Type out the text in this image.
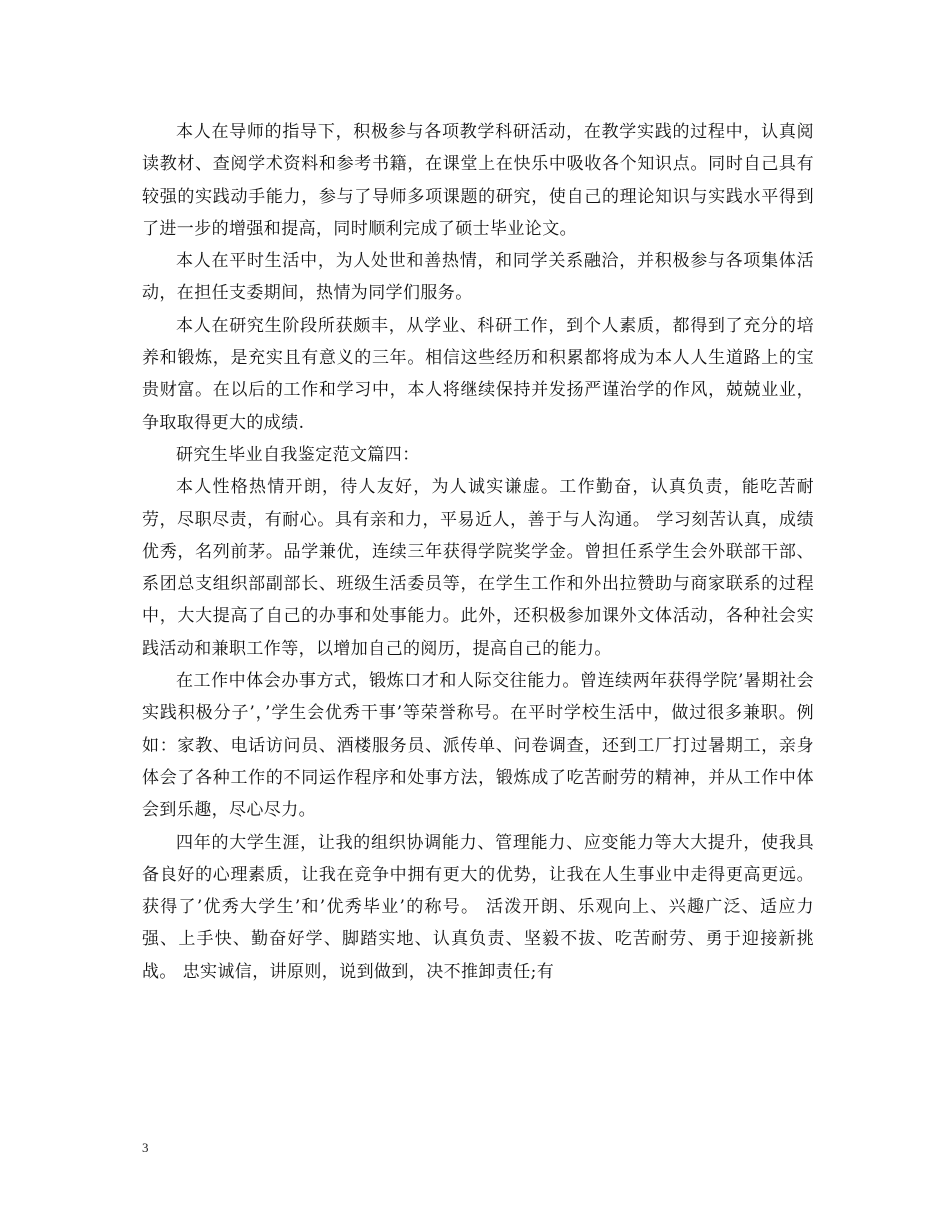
本人在导师的指导下，积极参与各项教学科研活动，在教学实践的过程中，认真阅读教材、查阅学术资料和参考书籍，在课堂上在快乐中吸收各个知识点。同时自己具有较强的实践动手能力，参与了导师多项课题的研究，使自己的理论知识与实践水平得到了进一步的增强和提高，同时顺利完成了硕士毕业论文。

本人在平时生活中，为人处世和善热情，和同学关系融洽，并积极参与各项集体活动，在担任支委期间，热情为同学们服务。

本人在研究生阶段所获颇丰，从学业、科研工作，到个人素质，都得到了充分的培养和锻炼，是充实且有意义的三年。相信这些经历和积累都将成为本人人生道路上的宝贵财富。在以后的工作和学习中，本人将继续保持并发扬严谨治学的作风，兢兢业业，争取取得更大的成绩.

研究生毕业自我鉴定范文篇四：

本人性格热情开朗，待人友好，为人诚实谦虚。工作勤奋，认真负责，能吃苦耐劳，尽职尽责，有耐心。具有亲和力，平易近人，善于与人沟通。 学习刻苦认真，成绩优秀，名列前茅。品学兼优，连续三年获得学院奖学金。曾担任系学生会外联部干部、系团总支组织部副部长、班级生活委员等，在学生工作和外出拉赞助与商家联系的过程中，大大提高了自己的办事和处事能力。此外，还积极参加课外文体活动，各种社会实践活动和兼职工作等，以增加自己的阅历，提高自己的能力。

在工作中体会办事方式，锻炼口才和人际交往能力。曾连续两年获得学院’暑期社会实践积极分子’，’学生会优秀干事’等荣誉称号。在平时学校生活中，做过很多兼职。例如：家教、电话访问员、酒楼服务员、派传单、问卷调查，还到工厂打过暑期工，亲身体会了各种工作的不同运作程序和处事方法，锻炼成了吃苦耐劳的精神，并从工作中体会到乐趣，尽心尽力。

四年的大学生涯，让我的组织协调能力、管理能力、应变能力等大大提升，使我具备良好的心理素质，让我在竞争中拥有更大的优势，让我在人生事业中走得更高更远。获得了’优秀大学生’和’优秀毕业’的称号。 活泼开朗、乐观向上、兴趣广泛、适应力强、上手快、勤奋好学、脚踏实地、认真负责、坚毅不拔、吃苦耐劳、勇于迎接新挑战。 忠实诚信，讲原则，说到做到，决不推卸责任;有

3
